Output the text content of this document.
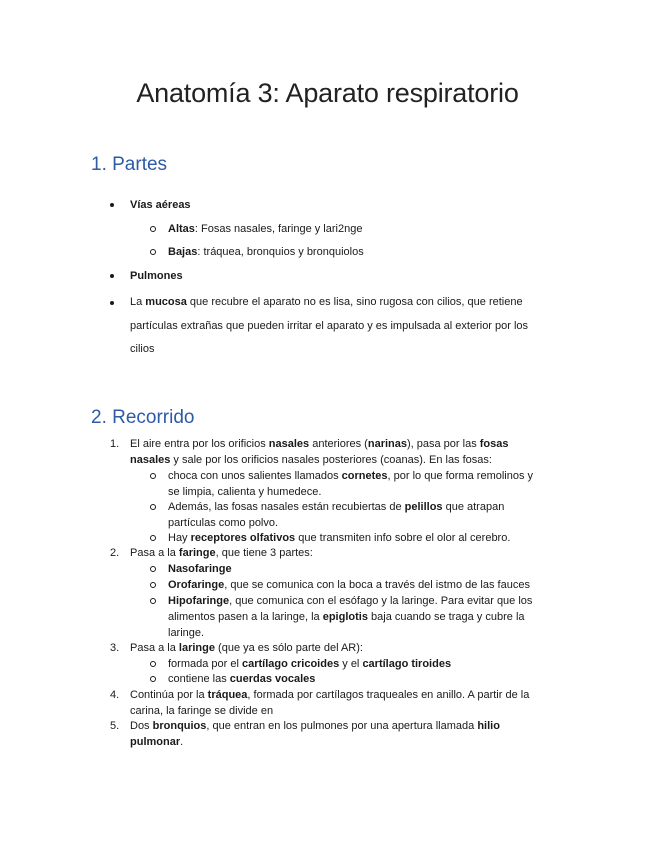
Anatomía 3: Aparato respiratorio
1. Partes
Vías aéreas
Altas: Fosas nasales, faringe y lari2nge
Bajas: tráquea, bronquios y bronquiolos
Pulmones
La mucosa que recubre el aparato no es lisa, sino rugosa con cilios, que retiene
partículas extrañas que pueden irritar el aparato y es impulsada al exterior por los
cilios
2. Recorrido
1. El aire entra por los orificios nasales anteriores (narinas), pasa por las fosas
nasales y sale por los orificios nasales posteriores (coanas). En las fosas:
choca con unos salientes llamados cornetes, por lo que forma remolinos y
se limpia, calienta y humedece.
Además, las fosas nasales están recubiertas de pelillos que atrapan
partículas como polvo.
Hay receptores olfativos que transmiten info sobre el olor al cerebro.
2. Pasa a la faringe, que tiene 3 partes:
Nasofaringe
Orofaringe, que se comunica con la boca a través del istmo de las fauces
Hipofaringe, que comunica con el esófago y la laringe. Para evitar que los
alimentos pasen a la laringe, la epiglotis baja cuando se traga y cubre la
laringe.
3. Pasa a la laringe (que ya es sólo parte del AR):
formada por el cartílago cricoides y el cartílago tiroides
contiene las cuerdas vocales
4. Continúa por la tráquea, formada por cartílagos traqueales en anillo. A partir de la
carina, la faringe se divide en
5. Dos bronquios, que entran en los pulmones por una apertura llamada hilio
pulmonar.
